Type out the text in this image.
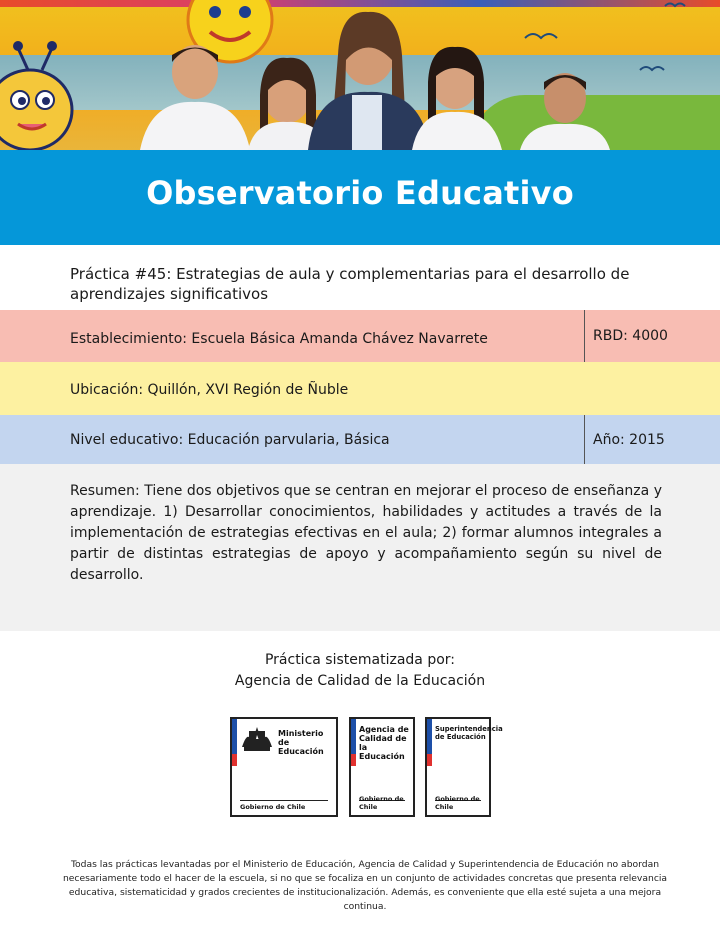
Observatorio Educativo
Práctica #45: Estrategias de aula y complementarias para el desarrollo de aprendizajes significativos
Establecimiento: Escuela Básica Amanda Chávez Navarrete	RBD: 4000
Ubicación: Quillón, XVI Región de Ñuble
Nivel educativo: Educación parvularia, Básica	Año: 2015
Resumen: Tiene dos objetivos que se centran en mejorar el proceso de enseñanza y aprendizaje. 1) Desarrollar conocimientos, habilidades y actitudes a través de la implementación de estrategias efectivas en el aula; 2) formar alumnos integrales a partir de distintas estrategias de apoyo y acompañamiento según su nivel de desarrollo.
Práctica sistematizada por:
Agencia de Calidad de la Educación
Ministerio de
Educación
Gobierno de Chile
Agencia de
Calidad de la
Educación
Gobierno de Chile
Superintendencia
de Educación
Gobierno de Chile
Todas las prácticas levantadas por el Ministerio de Educación, Agencia de Calidad y Superintendencia de Educación no abordan necesariamente todo el hacer de la escuela, si no que se focaliza en un conjunto de actividades concretas que presenta relevancia educativa, sistematicidad y grados crecientes de institucionalización. Además, es conveniente que ella esté sujeta a una mejora continua.
